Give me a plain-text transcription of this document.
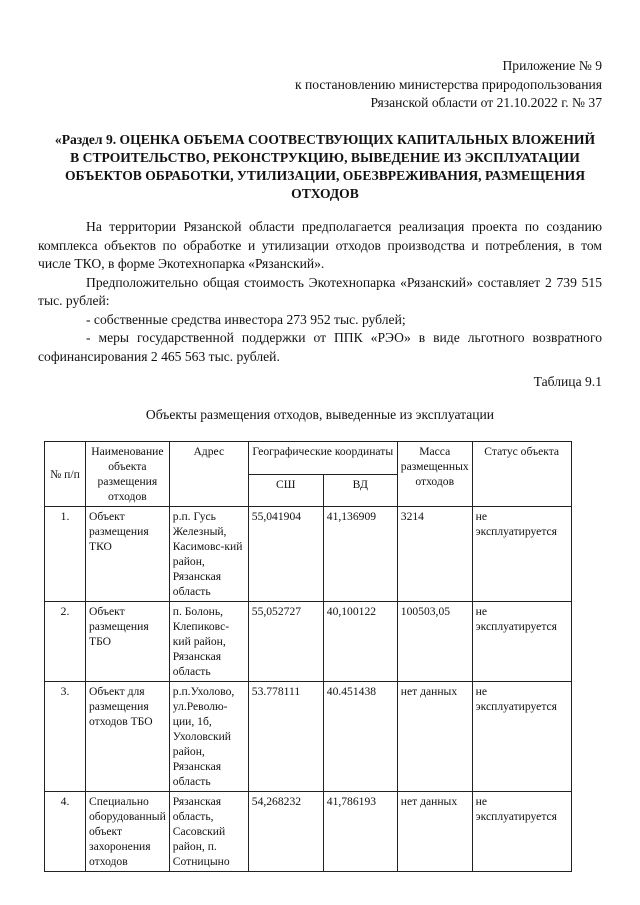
Приложение № 9
к постановлению министерства природопользования
Рязанской области от 21.10.2022 г. № 37
«Раздел 9. ОЦЕНКА ОБЪЕМА СООТВЕСТВУЮЩИХ КАПИТАЛЬНЫХ ВЛОЖЕНИЙ В СТРОИТЕЛЬСТВО, РЕКОНСТРУКЦИЮ, ВЫВЕДЕНИЕ ИЗ ЭКСПЛУАТАЦИИ ОБЪЕКТОВ ОБРАБОТКИ, УТИЛИЗАЦИИ, ОБЕЗВРЕЖИВАНИЯ, РАЗМЕЩЕНИЯ ОТХОДОВ

На территории Рязанской области предполагается реализация проекта по созданию комплекса объектов по обработке и утилизации отходов производства и потребления, в том числе ТКО, в форме Экотехнопарка «Рязанский».

Предположительно общая стоимость Экотехнопарка «Рязанский» составляет 2 739 515 тыс. рублей:

- собственные средства инвестора 273 952 тыс. рублей;

- меры государственной поддержки от ППК «РЭО» в виде льготного возвратного софинансирования 2 465 563 тыс. рублей.

Таблица 9.1
Объекты размещения отходов, выведенные из эксплуатации
№ п/п	Наименование объекта размещения отходов	Адрес	Географические координаты		Масса размещенных отходов	Статус объекта
			СШ	ВД		
1.	Объект размещения ТКО	р.п. Гусь Железный, Касимовс-кий район, Рязанская область	55,041904	41,136909	3214	не эксплуатируется
2.	Объект размещения ТБО	п. Болонь, Клепиковс-кий район, Рязанская область	55,052727	40,100122	100503,05	не эксплуатируется
3.	Объект для размещения отходов ТБО	р.п.Ухолово, ул.Револю-ции, 1б, Ухоловский район, Рязанская область	53.778111	40.451438	нет данных	не эксплуатируется
4.	Специально оборудованный объект захоронения отходов	Рязанская область, Сасовский район, п. Сотницыно	54,268232	41,786193	нет данных	не эксплуатируется
